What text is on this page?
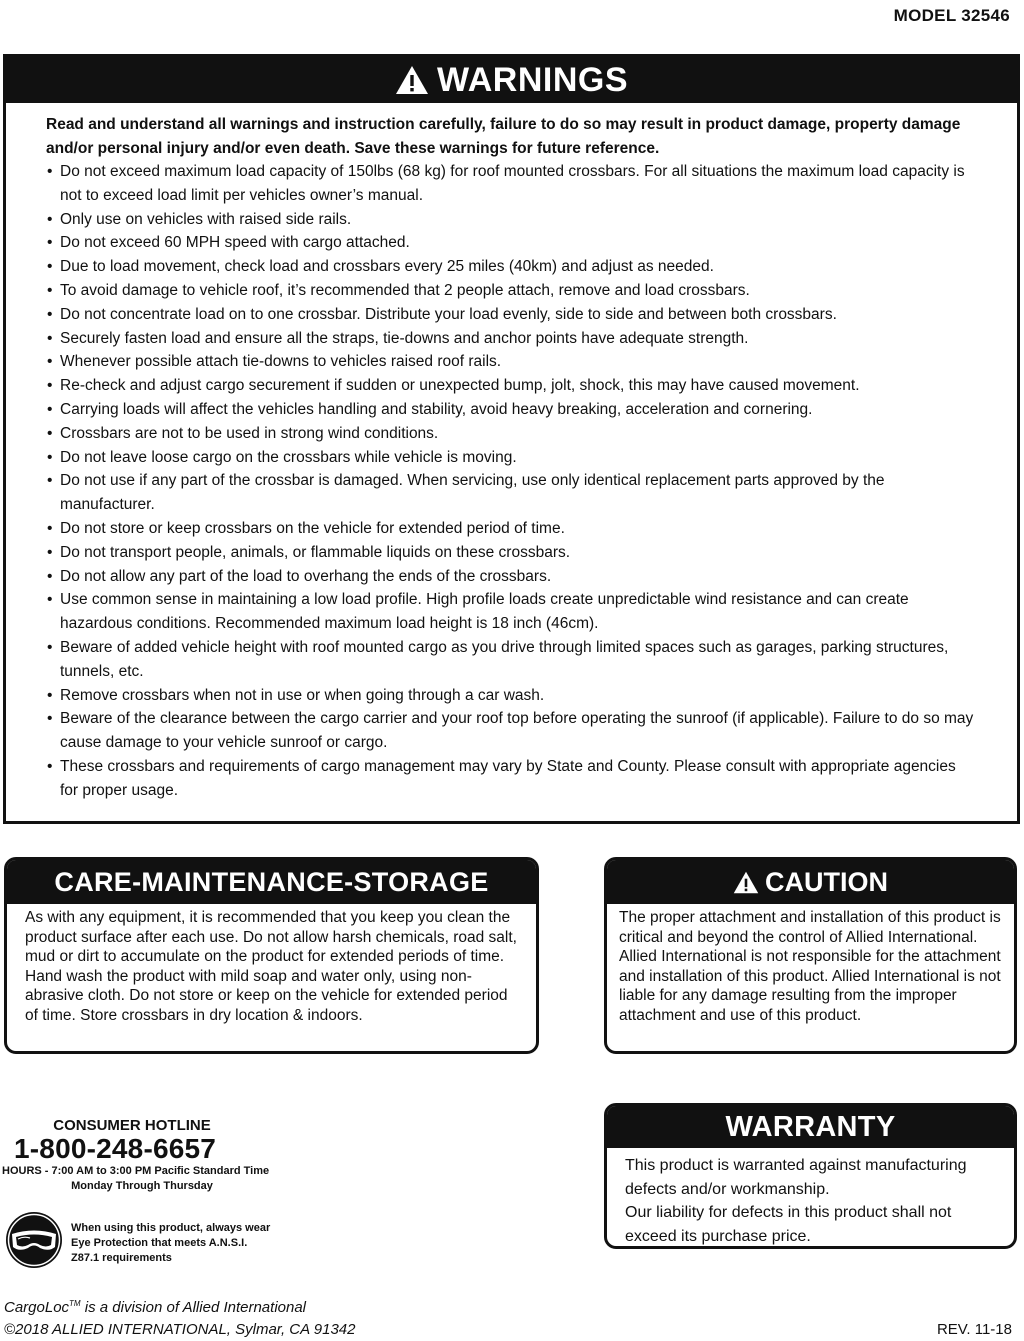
MODEL 32546
WARNINGS

Read and understand all warnings and instruction carefully, failure to do so may result in product damage, property damage and/or personal injury and/or even death. Save these warnings for future reference.

• Do not exceed maximum load capacity of 150lbs (68 kg) for roof mounted crossbars. For all situations the maximum load capacity is not to exceed load limit per vehicles owner’s manual.
• Only use on vehicles with raised side rails.
• Do not exceed 60 MPH speed with cargo attached.
• Due to load movement, check load and crossbars every 25 miles (40km) and adjust as needed.
• To avoid damage to vehicle roof, it’s recommended that 2 people attach, remove and load crossbars.
• Do not concentrate load on to one crossbar. Distribute your load evenly, side to side and between both crossbars.
• Securely fasten load and ensure all the straps, tie-downs and anchor points have adequate strength.
• Whenever possible attach tie-downs to vehicles raised roof rails.
• Re-check and adjust cargo securement if sudden or unexpected bump, jolt, shock, this may have caused movement.
• Carrying loads will affect the vehicles handling and stability, avoid heavy breaking, acceleration and cornering.
• Crossbars are not to be used in strong wind conditions.
• Do not leave loose cargo on the crossbars while vehicle is moving.
• Do not use if any part of the crossbar is damaged. When servicing, use only identical replacement parts approved by the manufacturer.
• Do not store or keep crossbars on the vehicle for extended period of time.
• Do not transport people, animals, or flammable liquids on these crossbars.
• Do not allow any part of the load to overhang the ends of the crossbars.
• Use common sense in maintaining a low load profile. High profile loads create unpredictable wind resistance and can create hazardous conditions. Recommended maximum load height is 18 inch (46cm).
• Beware of added vehicle height with roof mounted cargo as you drive through limited spaces such as garages, parking structures, tunnels, etc.
• Remove crossbars when not in use or when going through a car wash.
• Beware of the clearance between the cargo carrier and your roof top before operating the sunroof (if applicable). Failure to do so may cause damage to your vehicle sunroof or cargo.
• These crossbars and requirements of cargo management may vary by State and County. Please consult with appropriate agencies for proper usage.
CARE-MAINTENANCE-STORAGE

As with any equipment, it is recommended that you keep you clean the product surface after each use. Do not allow harsh chemicals, road salt, mud or dirt to accumulate on the product for extended periods of time. Hand wash the product with mild soap and water only, using non-abrasive cloth. Do not store or keep on the vehicle for extended period of time. Store crossbars in dry location & indoors.

CAUTION

The proper attachment and installation of this product is critical and beyond the control of Allied International. Allied International is not responsible for the attachment and installation of this product. Allied International is not liable for any damage resulting from the improper attachment and use of this product.

CONSUMER HOTLINE
1-800-248-6657
HOURS - 7:00 AM to 3:00 PM Pacific Standard Time
Monday Through Thursday
When using this product, always wear Eye Protection that meets A.N.S.I. Z87.1 requirements
WARRANTY

This product is warranted against manufacturing defects and/or workmanship.

Our liability for defects in this product shall not exceed its purchase price.

CargoLoc™ is a division of Allied International
©2018 ALLIED INTERNATIONAL, Sylmar, CA 91342	REV. 11-18
